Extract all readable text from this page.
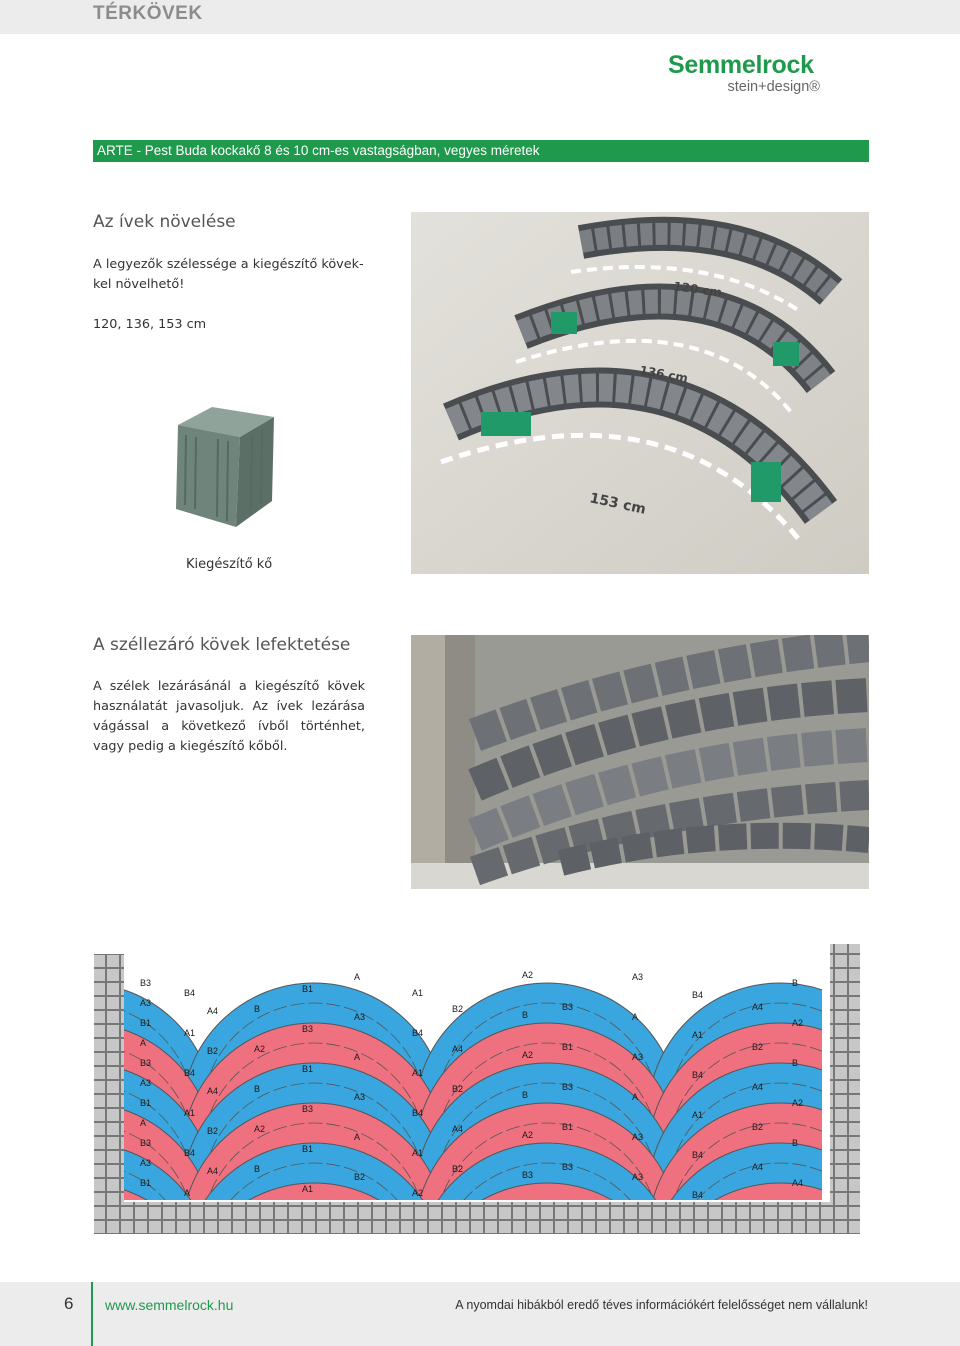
TÉRKÖVEK
Semmelrock
stein+design®
ARTE - Pest Buda kockakő 8 és 10 cm-es vastagságban, vegyes méretek
Az ívek növelése
A legyezők szélessége a kiegészítő kövek-
kel növelhető!
120, 136, 153 cm
Kiegészítő kő
120 cm
136 cm
153 cm
A széllezáró kövek lefektetése
A szélek lezárásánál a kiegészítő kövek használatát javasoljuk. Az ívek lezárása vágással a következő ívből történhet, vagy pedig a kiegészítő kőből.
B3
A3
B4
A4	B
B1
A
A1
B2
A2
B3
A3
B4
A4
B
B1
A
A1
B2	A2
B3
A3
B4
A4
B
B1
A
A1
B2
A2
B3
A3
B4
A4	B
B1
A
A1
B2
A2
B3
A3
B4
A4
B
B1
A
A1
B2	A2
B3
A3
B4
A4
B
B1
A
A1
B2
A2
B3
A3
B4
A4	B
B1
A
A1
B2
A2
B3
A3
B4
A4
B
B1
A	A1
B2
A2
B3	A3
B4
A4
6 www.semmelrock.hu	A nyomdai hibákból eredő téves információkért felelősséget nem vállalunk!
